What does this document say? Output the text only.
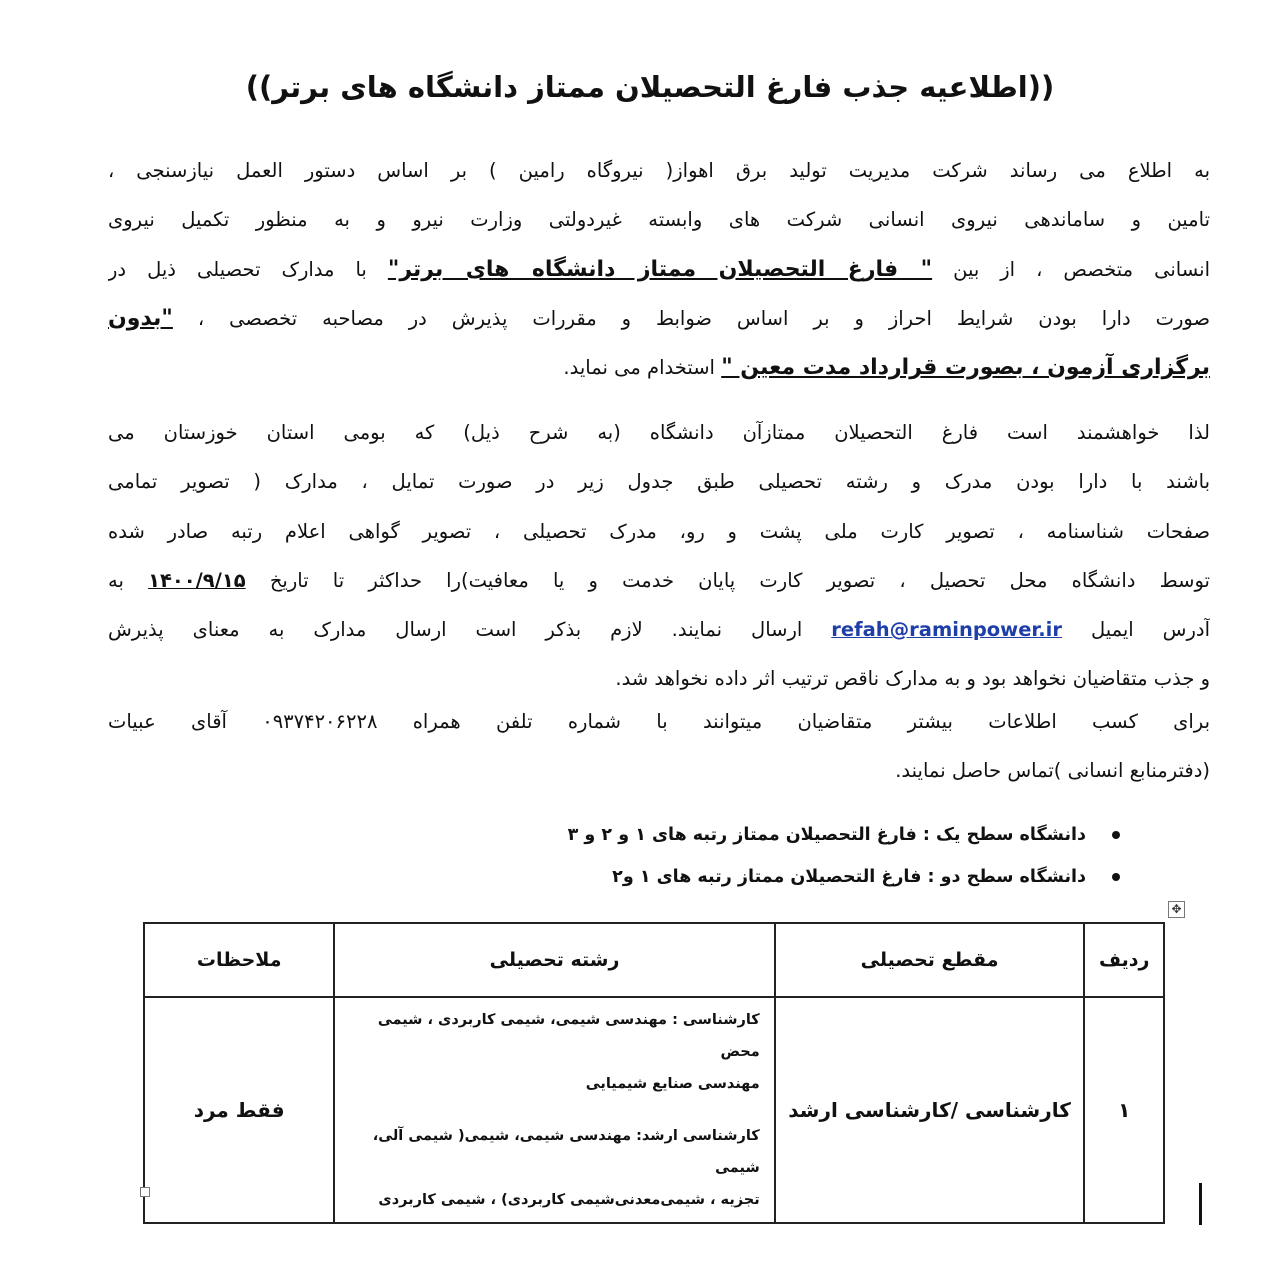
((اطلاعیه جذب فارغ التحصیلان ممتاز دانشگاه های برتر))
به اطلاع می رساند شرکت مدیریت تولید برق اهواز( نیروگاه رامین ) بر اساس دستور العمل نیازسنجی ،
تامین و ساماندهی نیروی انسانی شرکت های وابسته غیردولتی وزارت نیرو و به منظور تکمیل نیروی
انسانی متخصص ، از بین " فارغ التحصیلان ممتاز دانشگاه های برتر" با مدارک تحصیلی ذیل در
صورت دارا بودن شرایط احراز و بر اساس ضوابط و مقررات پذیرش در مصاحبه تخصصی ، "بدون
برگزاری آزمون ، بصورت قرارداد مدت معین " استخدام می نماید.
لذا خواهشمند است فارغ التحصیلان ممتازآن دانشگاه (به شرح ذیل) که بومی استان خوزستان می
باشند با دارا بودن مدرک و رشته تحصیلی طبق جدول زیر در صورت تمایل ، مدارک ( تصویر تمامی
صفحات شناسنامه ، تصویر کارت ملی پشت و رو، مدرک تحصیلی ، تصویر گواهی اعلام رتبه صادر شده
توسط دانشگاه محل تحصیل ، تصویر کارت پایان خدمت و یا معافیت)را حداکثر تا تاریخ ۱۴۰۰/۹/۱۵ به
آدرس ایمیل refah@raminpower.ir ارسال نمایند. لازم بذکر است ارسال مدارک به معنای پذیرش
و جذب متقاضیان نخواهد بود و به مدارک ناقص ترتیب اثر داده نخواهد شد.
برای کسب اطلاعات بیشتر متقاضیان میتوانند با شماره تلفن همراه ۰۹۳۷۴۲۰۶۲۲۸ آقای عبیات
(دفترمنابع انسانی )تماس حاصل نمایند.
دانشگاه سطح یک : فارغ التحصیلان ممتاز رتبه های ۱ و ۲ و ۳
دانشگاه سطح دو : فارغ التحصیلان ممتاز رتبه های ۱ و۲
✥
ردیف	مقطع تحصیلی	رشته تحصیلی	ملاحظات
۱	کارشناسی /کارشناسی ارشد	کارشناسی : مهندسی شیمی، شیمی کاربردی ، شیمی محض

مهندسی صنایع شیمیایی

کارشناسی ارشد: مهندسی شیمی، شیمی( شیمی آلی، شیمی

تجزیه ، شیمی‌معدنی‌شیمی کاربردی) ، شیمی کاربردی	فقط مرد
